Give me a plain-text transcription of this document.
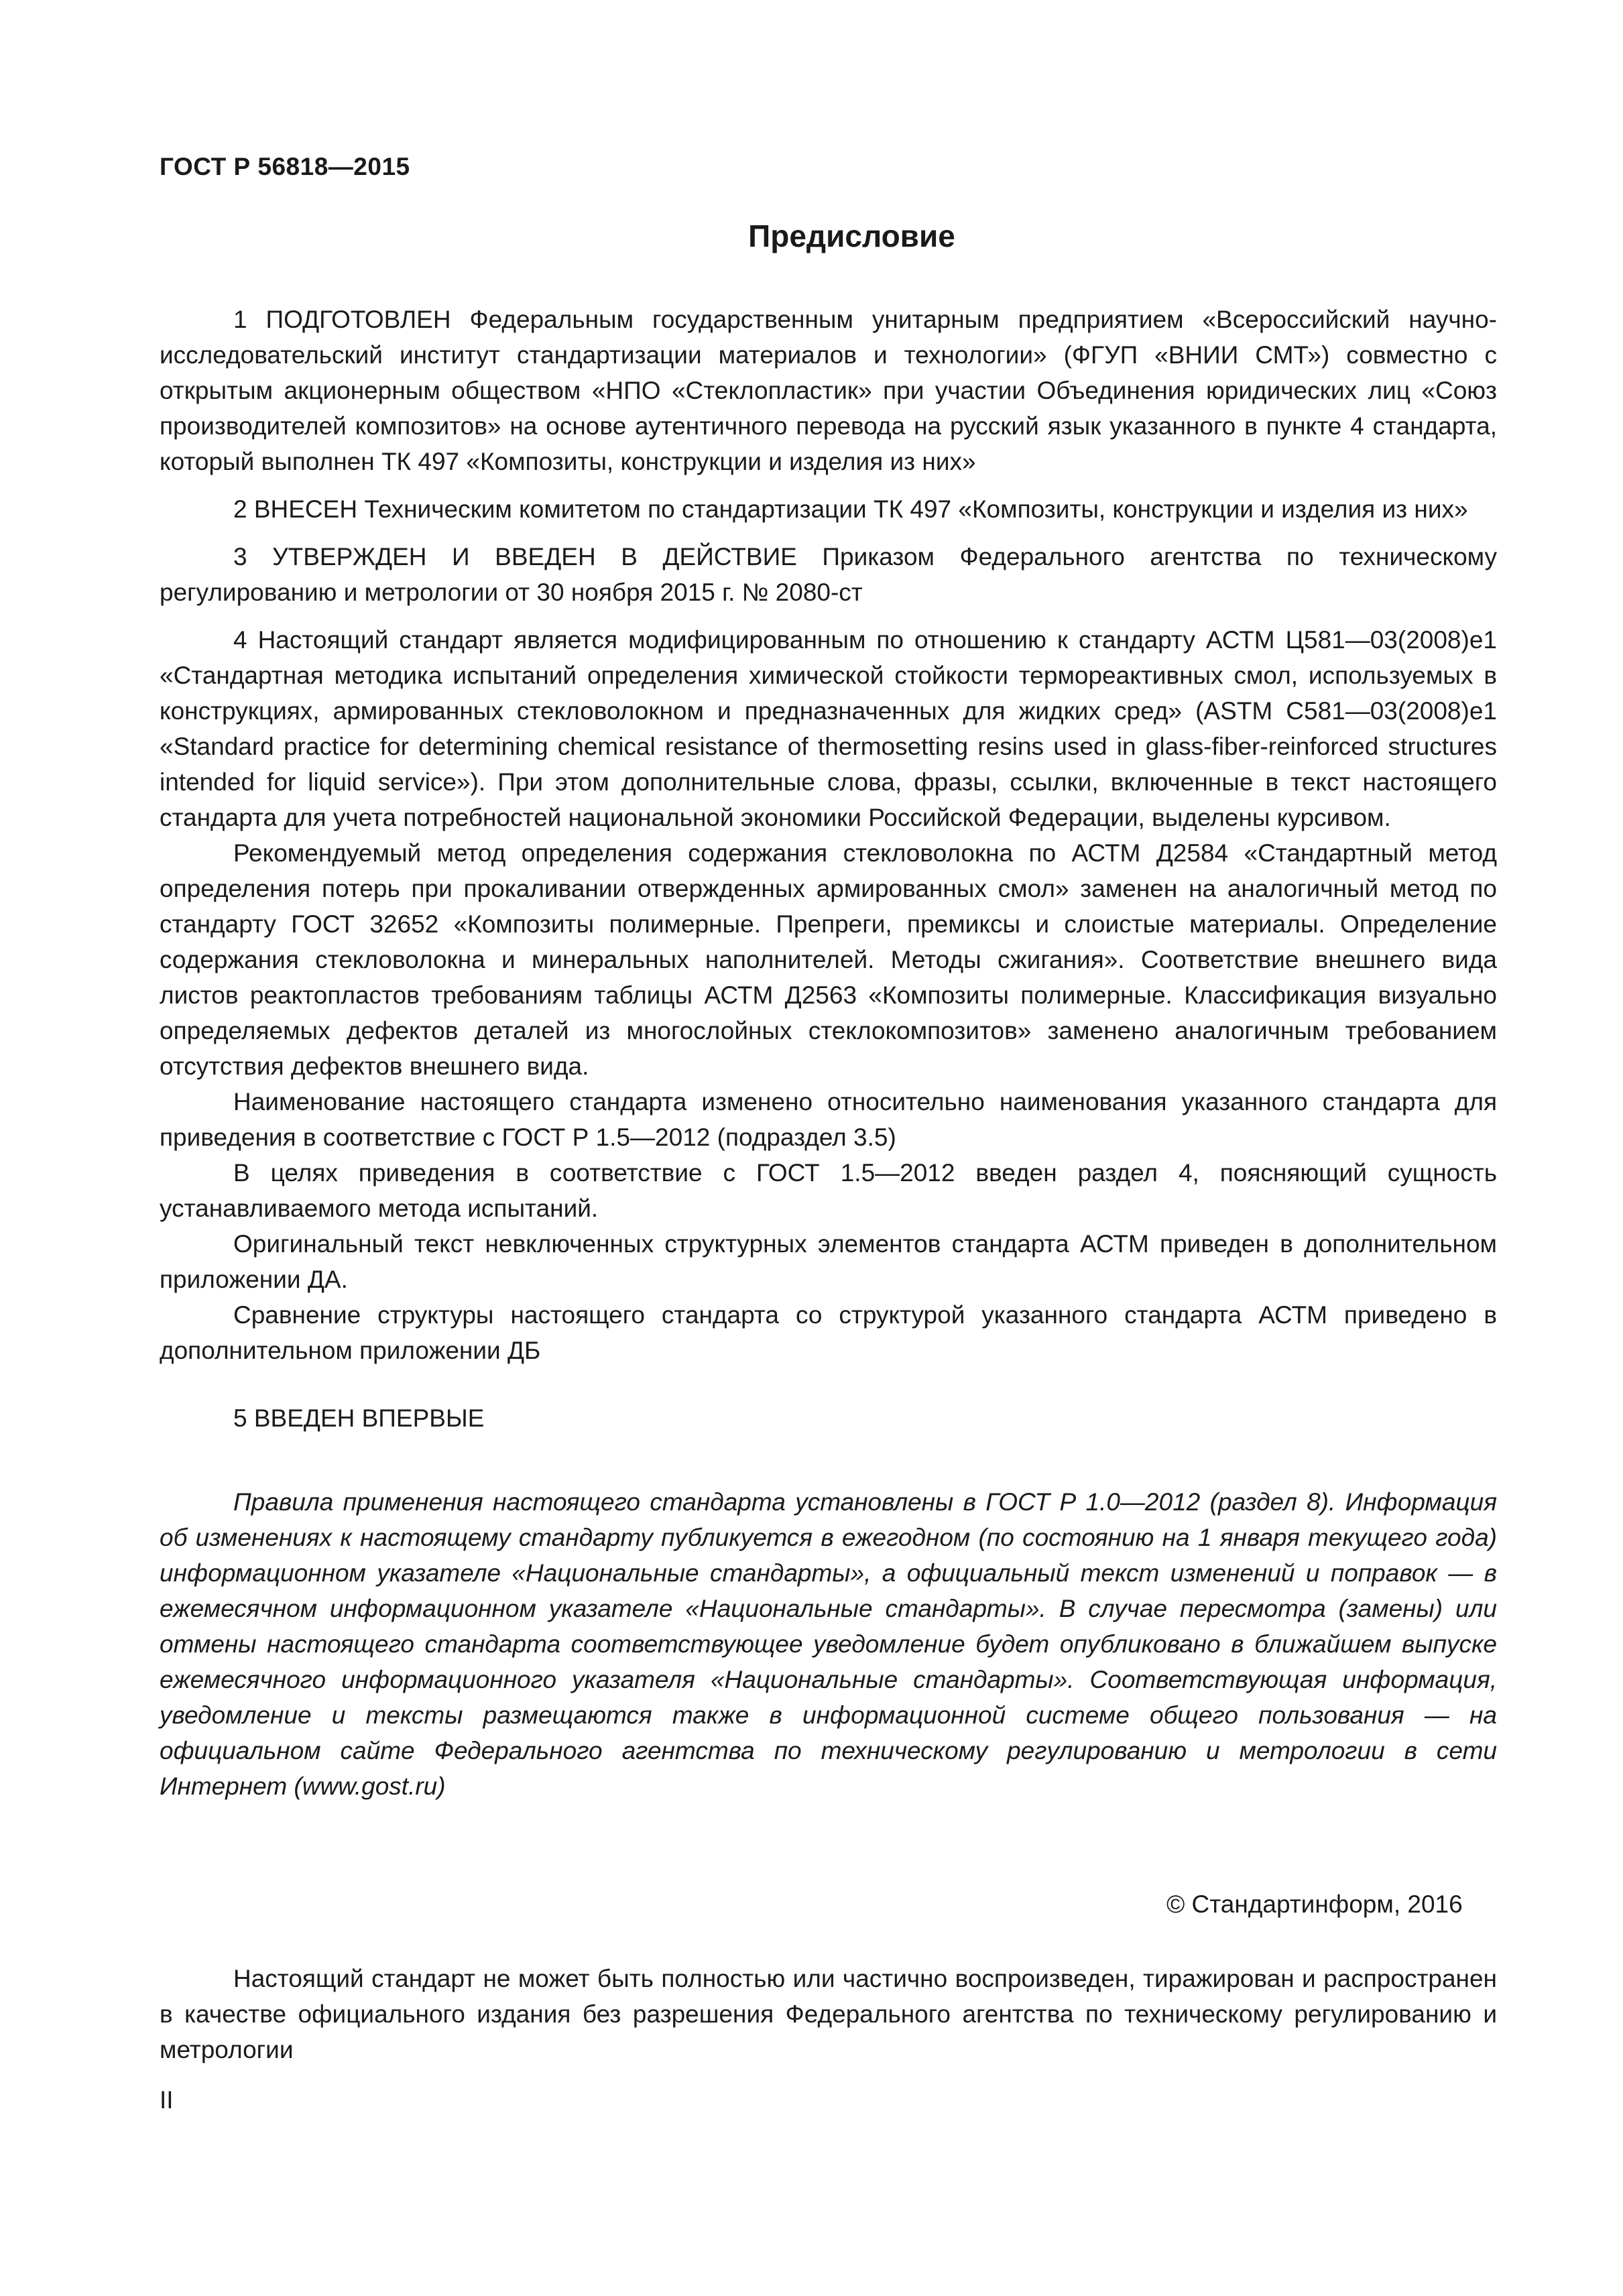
ГОСТ Р 56818—2015
Предисловие

1 ПОДГОТОВЛЕН Федеральным государственным унитарным предприятием «Всероссийский научно-исследовательский институт стандартизации материалов и технологии» (ФГУП «ВНИИ СМТ») совместно с открытым акционерным обществом «НПО «Стеклопластик» при участии Объединения юридических лиц «Союз производителей композитов» на основе аутентичного перевода на русский язык указанного в пункте 4 стандарта, который выполнен ТК 497 «Композиты, конструкции и изделия из них»

2 ВНЕСЕН Техническим комитетом по стандартизации ТК 497 «Композиты, конструкции и изделия из них»

3 УТВЕРЖДЕН И ВВЕДЕН В ДЕЙСТВИЕ Приказом Федерального агентства по техническому регулированию и метрологии от 30 ноября 2015 г. № 2080-ст

4 Настоящий стандарт является модифицированным по отношению к стандарту АСТМ Ц581—03(2008)е1 «Стандартная методика испытаний определения химической стойкости термореактивных смол, используемых в конструкциях, армированных стекловолокном и предназначенных для жидких сред» (ASTM C581—03(2008)e1 «Standard practice for determining chemical resistance of thermosetting resins used in glass-fiber-reinforced structures intended for liquid service»). При этом дополнительные слова, фразы, ссылки, включенные в текст настоящего стандарта для учета потребностей национальной экономики Российской Федерации, выделены курсивом.

Рекомендуемый метод определения содержания стекловолокна по АСТМ Д2584 «Стандартный метод определения потерь при прокаливании отвержденных армированных смол» заменен на аналогичный метод по стандарту ГОСТ 32652 «Композиты полимерные. Препреги, премиксы и слоистые материалы. Определение содержания стекловолокна и минеральных наполнителей. Методы сжигания». Соответствие внешнего вида листов реактопластов требованиям таблицы АСТМ Д2563 «Композиты полимерные. Классификация визуально определяемых дефектов деталей из многослойных стеклокомпозитов» заменено аналогичным требованием отсутствия дефектов внешнего вида.

Наименование настоящего стандарта изменено относительно наименования указанного стандарта для приведения в соответствие с ГОСТ Р 1.5—2012 (подраздел 3.5)

В целях приведения в соответствие с ГОСТ 1.5—2012 введен раздел 4, поясняющий сущность устанавливаемого метода испытаний.

Оригинальный текст невключенных структурных элементов стандарта АСТМ приведен в дополнительном приложении ДА.

Сравнение структуры настоящего стандарта со структурой указанного стандарта АСТМ приведено в дополнительном приложении ДБ

5 ВВЕДЕН ВПЕРВЫЕ

Правила применения настоящего стандарта установлены в ГОСТ Р 1.0—2012 (раздел 8). Информация об изменениях к настоящему стандарту публикуется в ежегодном (по состоянию на 1 января текущего года) информационном указателе «Национальные стандарты», а официальный текст изменений и поправок — в ежемесячном информационном указателе «Национальные стандарты». В случае пересмотра (замены) или отмены настоящего стандарта соответствующее уведомление будет опубликовано в ближайшем выпуске ежемесячного информационного указателя «Национальные стандарты». Соответствующая информация, уведомление и тексты размещаются также в информационной системе общего пользования — на официальном сайте Федерального агентства по техническому регулированию и метрологии в сети Интернет (www.gost.ru)

© Стандартинформ, 2016

Настоящий стандарт не может быть полностью или частично воспроизведен, тиражирован и распространен в качестве официального издания без разрешения Федерального агентства по техническому регулированию и метрологии

II
